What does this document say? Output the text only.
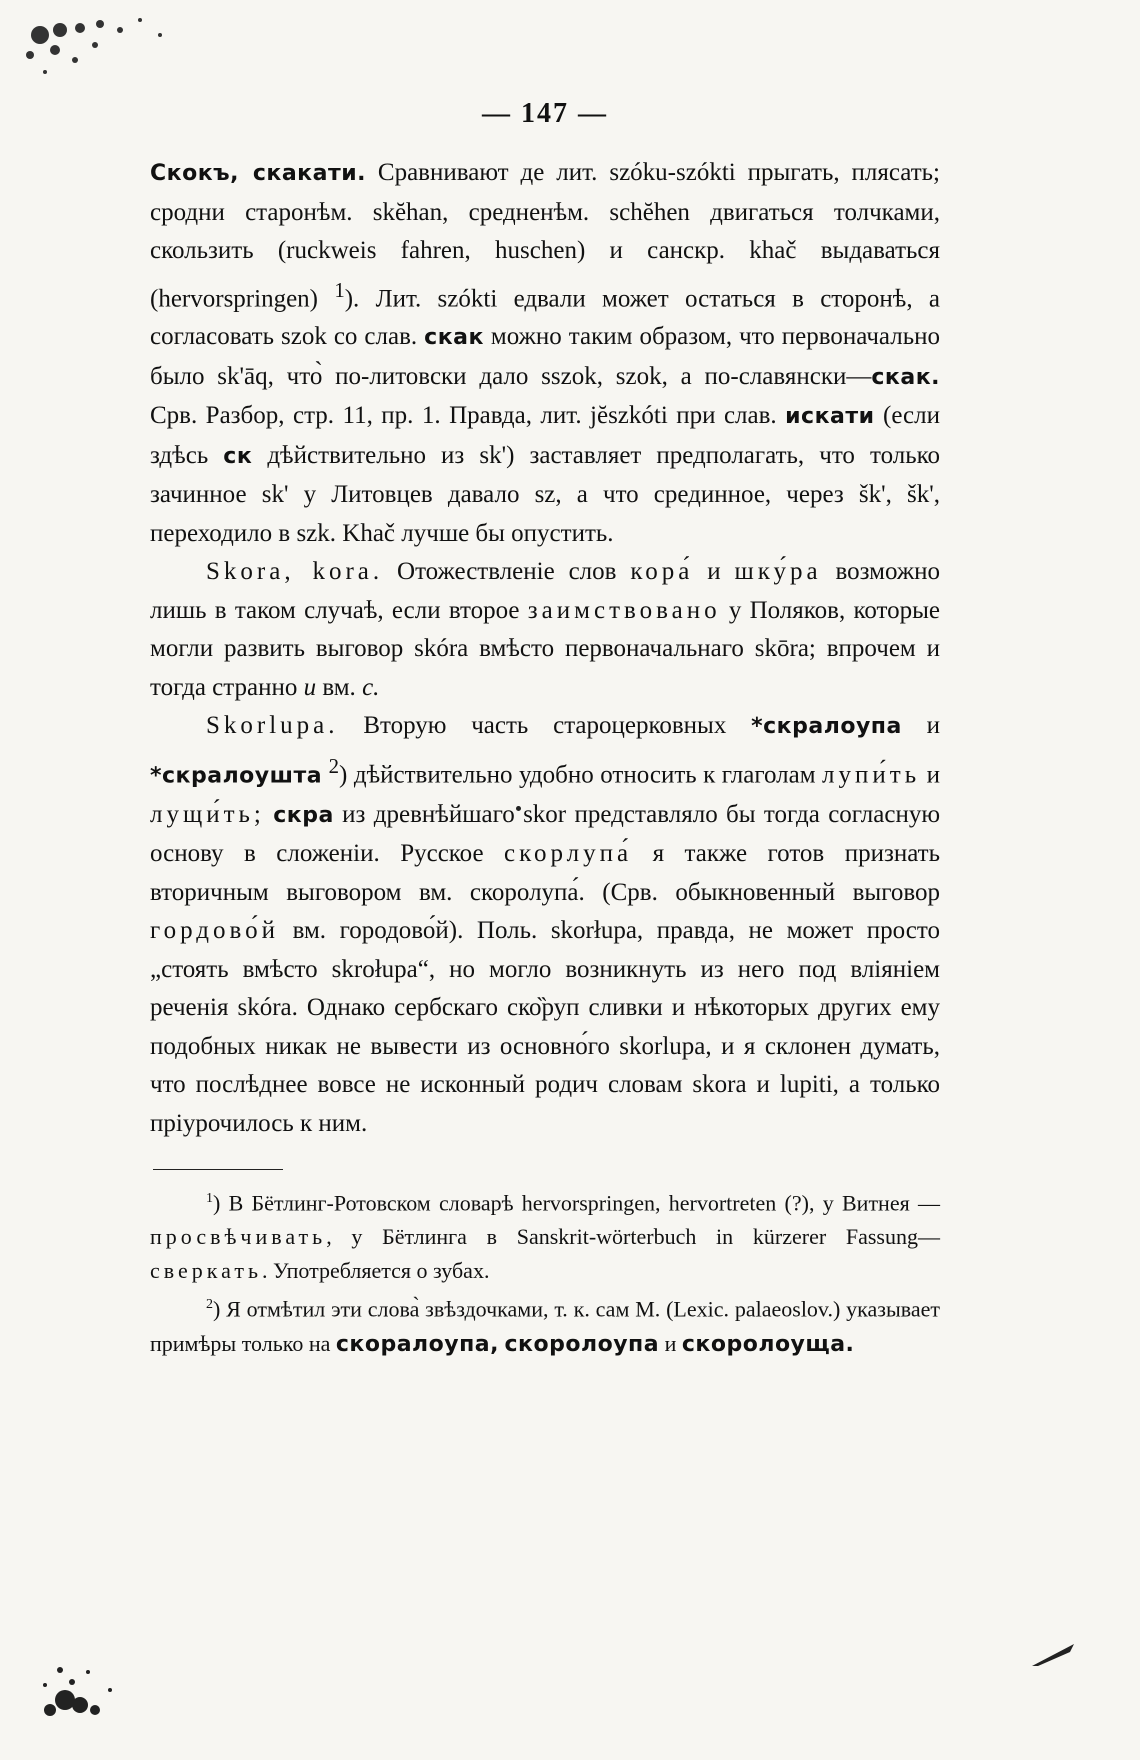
— 147 —

Скокъ, скакати. Сравнивают де лит. szóku-szókti прыгать, плясать; сродни старонѣм. skĕhan, средненѣм. schĕhen двигаться толчками, скользить (ruckweis fahren, huschen) и санскр. khač выдаваться (hervorspringen) $^1$). Лит. szókti едвали может остаться в сторонѣ, а согласовать szok со слав. скак можно таким образом, что первоначально было sk'āq, что̀ по-литовски дало sszok, szok, а по-славянски—скак. Срв. Разбор, стр. 11, пр. 1. Правда, лит. jĕszkóti при слав. искати (если здѣсь ск дѣйствительно из sk') заставляет предполагать, что только зачинное sk' у Литовцев давало sz, а что срединное, через šk', šk', переходило в szk. Khač лучше бы опустить.

Skora, kora. Отожествленіе слов кора́ и шку́ра возможно лишь в таком случаѣ, если второе заимствовано у Поляков, которые могли развить выговор skóra вмѣсто первоначальнаго skōra; впрочем и тогда странно u вм. с.

Skorlupa. Вторую часть староцерковных *скралоупа и *скралоушта $^2$) дѣйствительно удобно относить к глаголам лупи́ть и лущи́ть; скра из древнѣйшаго skor представляло бы тогда согласную основу в сложеніи. Русское скорлупа́ я также готов признать вторичным выговором вм. скоролупа́. (Срв. обыкновенный выговор гордово́й вм. городово́й). Поль. skorłupa, правда, не может просто „стоять вмѣсто skrołupa“, но могло возникнуть из него под вліяніем реченія skóra. Однако сербскаго ско̏руп сливки и нѣкоторых других ему подобных никак не вывести из основно́го skorlupa, и я склонен думать, что послѣднее вовсе не исконный родич словам skora и lupiti, а только пріурочилось к ним.

$^1$) В Бётлинг-Ротовском словарѣ hervorspringen, hervortreten (?), у Витнея — просвѣчивать, у Бётлинга в Sanskrit-wörterbuch in kürzerer Fassung—сверкать. Употребляется о зубах.

$^2$) Я отмѣтил эти слова̀ звѣздочками, т. к. сам M. (Lexic. palaeoslov.) указывает примѣры только на скоралоупа, скоролоупа и скоролоуща.
